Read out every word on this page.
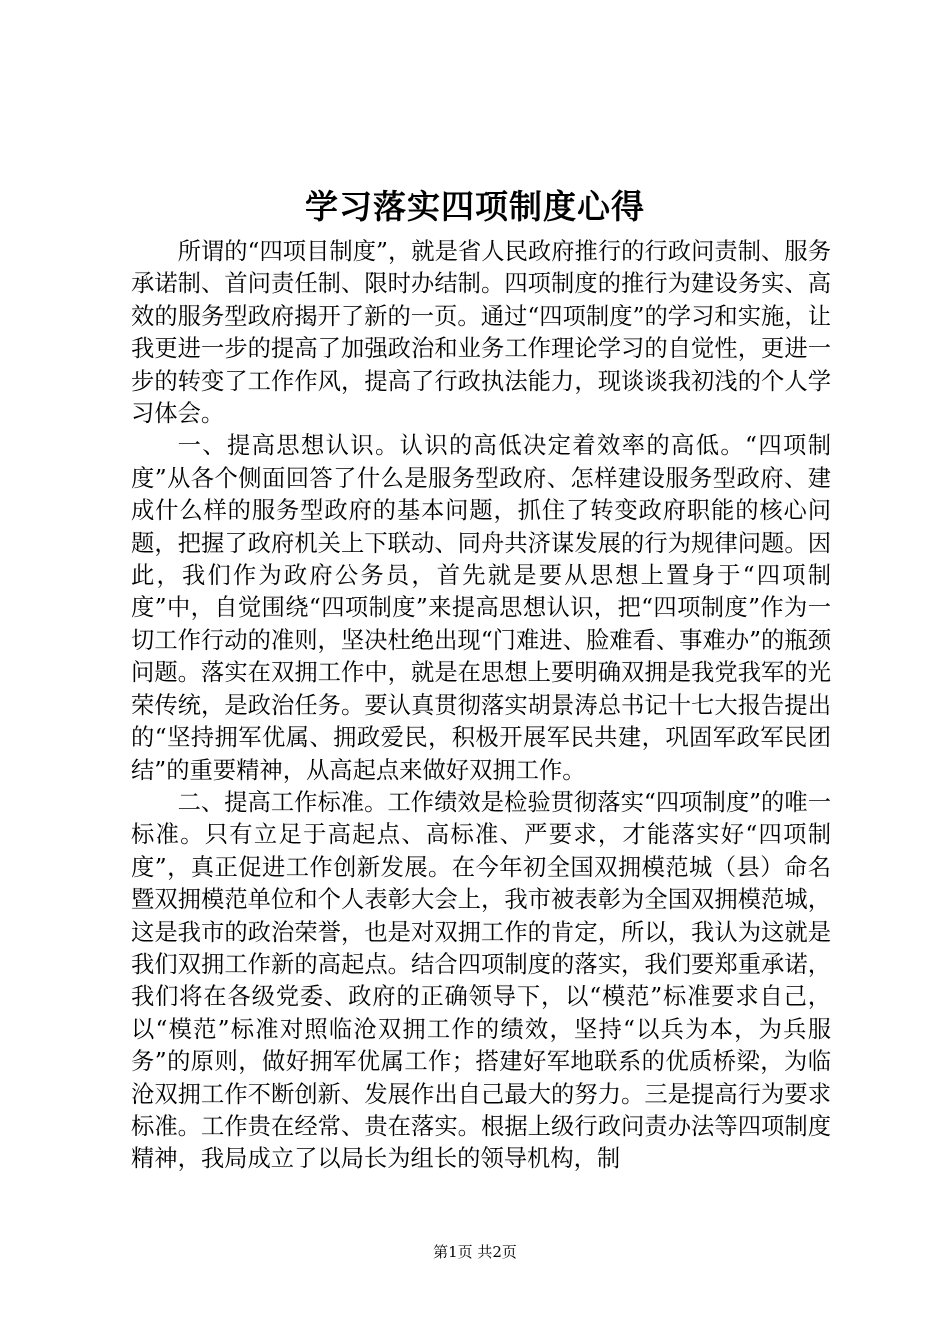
学习落实四项制度心得

所谓的“四项目制度”，就是省人民政府推行的行政问责制、服务承诺制、首问责任制、限时办结制。四项制度的推行为建设务实、高效的服务型政府揭开了新的一页。通过“四项制度”的学习和实施，让我更进一步的提高了加强政治和业务工作理论学习的自觉性，更进一步的转变了工作作风，提高了行政执法能力，现谈谈我初浅的个人学习体会。

一、提高思想认识。认识的高低决定着效率的高低。“四项制度”从各个侧面回答了什么是服务型政府、怎样建设服务型政府、建成什么样的服务型政府的基本问题，抓住了转变政府职能的核心问题，把握了政府机关上下联动、同舟共济谋发展的行为规律问题。因此，我们作为政府公务员，首先就是要从思想上置身于“四项制度”中，自觉围绕“四项制度”来提高思想认识，把“四项制度”作为一切工作行动的准则，坚决杜绝出现“门难进、脸难看、事难办”的瓶颈问题。落实在双拥工作中，就是在思想上要明确双拥是我党我军的光荣传统，是政治任务。要认真贯彻落实胡景涛总书记十七大报告提出的“坚持拥军优属、拥政爱民，积极开展军民共建，巩固军政军民团结”的重要精神，从高起点来做好双拥工作。

二、提高工作标准。工作绩效是检验贯彻落实“四项制度”的唯一标准。只有立足于高起点、高标准、严要求，才能落实好“四项制度”，真正促进工作创新发展。在今年初全国双拥模范城（县）命名暨双拥模范单位和个人表彰大会上，我市被表彰为全国双拥模范城，这是我市的政治荣誉，也是对双拥工作的肯定，所以，我认为这就是我们双拥工作新的高起点。结合四项制度的落实，我们要郑重承诺，我们将在各级党委、政府的正确领导下，以“模范”标准要求自己，以“模范”标准对照临沧双拥工作的绩效，坚持“以兵为本，为兵服务”的原则，做好拥军优属工作；搭建好军地联系的优质桥梁，为临沧双拥工作不断创新、发展作出自己最大的努力。三是提高行为要求标准。工作贵在经常、贵在落实。根据上级行政问责办法等四项制度精神，我局成立了以局长为组长的领导机构，制

第1页 共2页
